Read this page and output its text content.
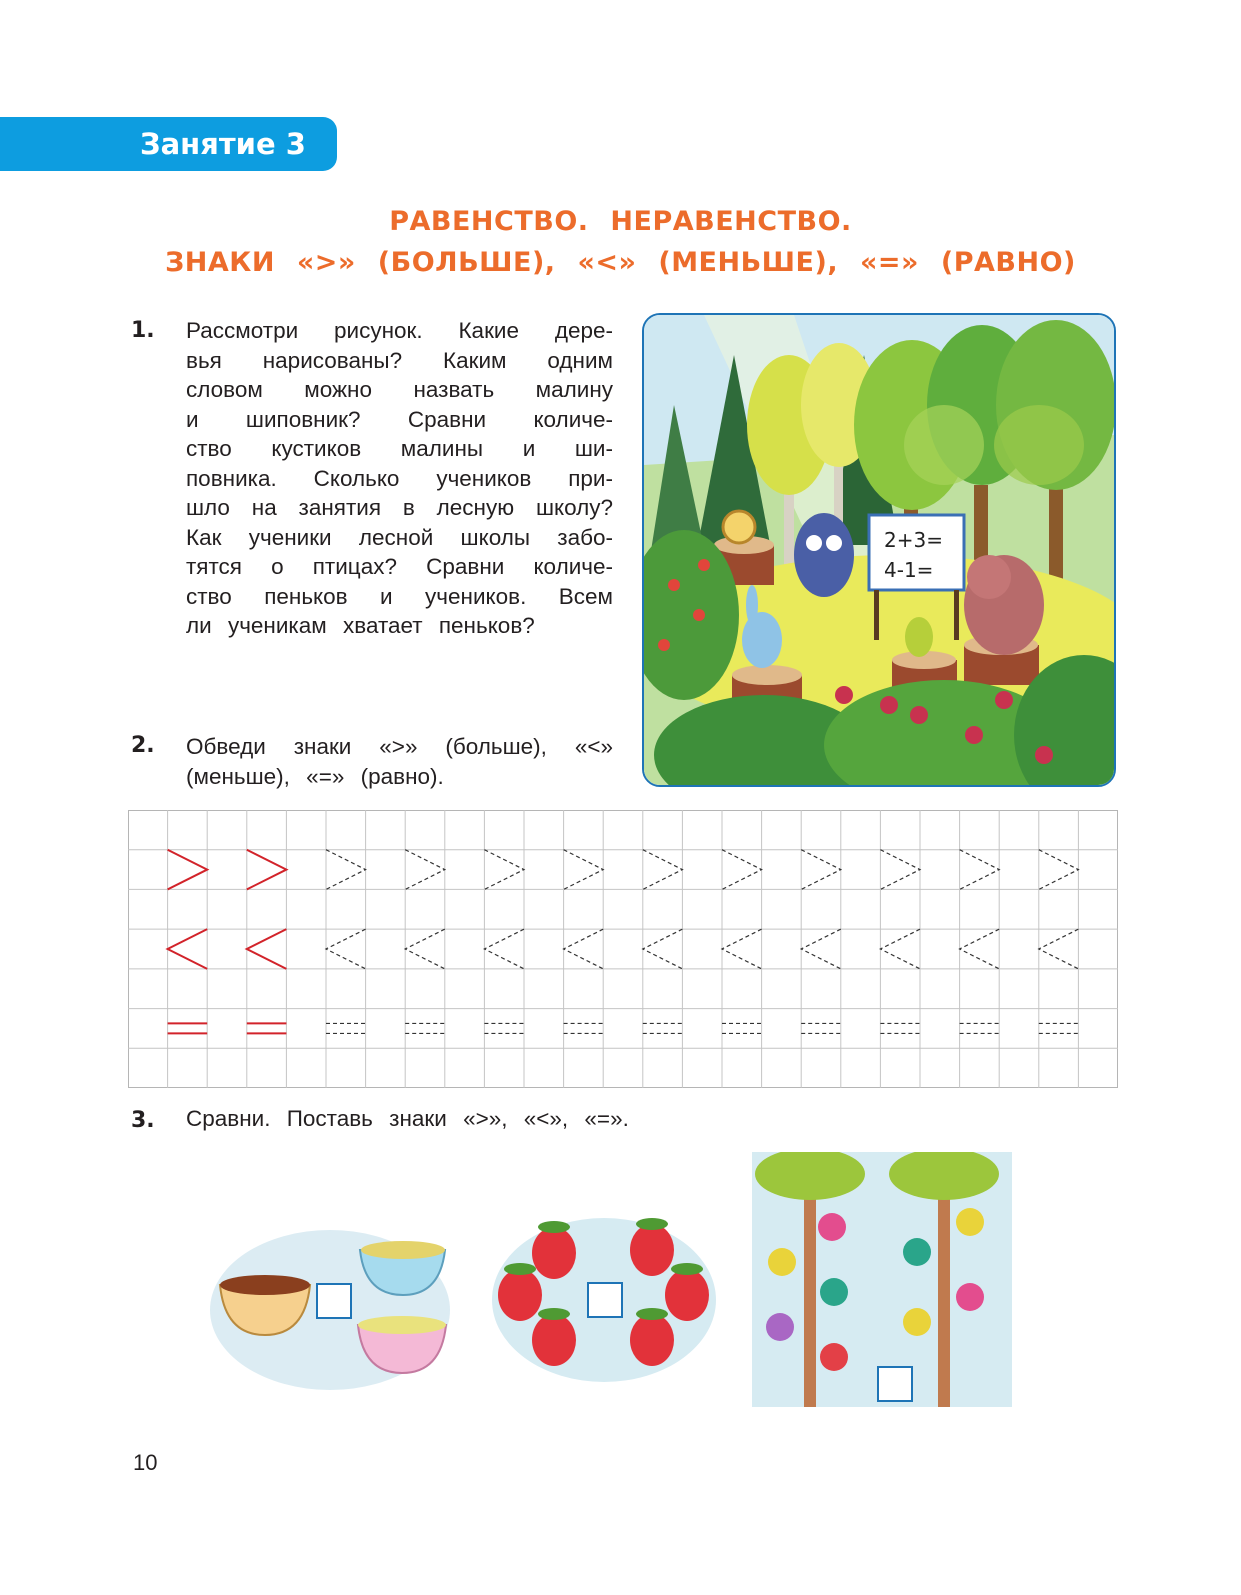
Занятие 3
РАВЕНСТВО. НЕРАВЕНСТВО.
ЗНАКИ «>» (БОЛЬШЕ), «<» (МЕНЬШЕ), «=» (РАВНО)
1. Рассмотри рисунок. Какие дере-
вья нарисованы? Каким одним
словом можно назвать малину
и шиповник? Сравни количе-
ство кустиков малины и ши-
повника. Сколько учеников при-
шло на занятия в лесную школу?
Как ученики лесной школы забо-
тятся о птицах? Сравни количе-
ство пеньков и учеников. Всем
ли ученикам хватает пеньков?
2+3=
4-1=
2. Обведи знаки «>» (больше), «<»
(меньше), «=» (равно).
3. Сравни. Поставь знаки «>», «<», «=».
10
